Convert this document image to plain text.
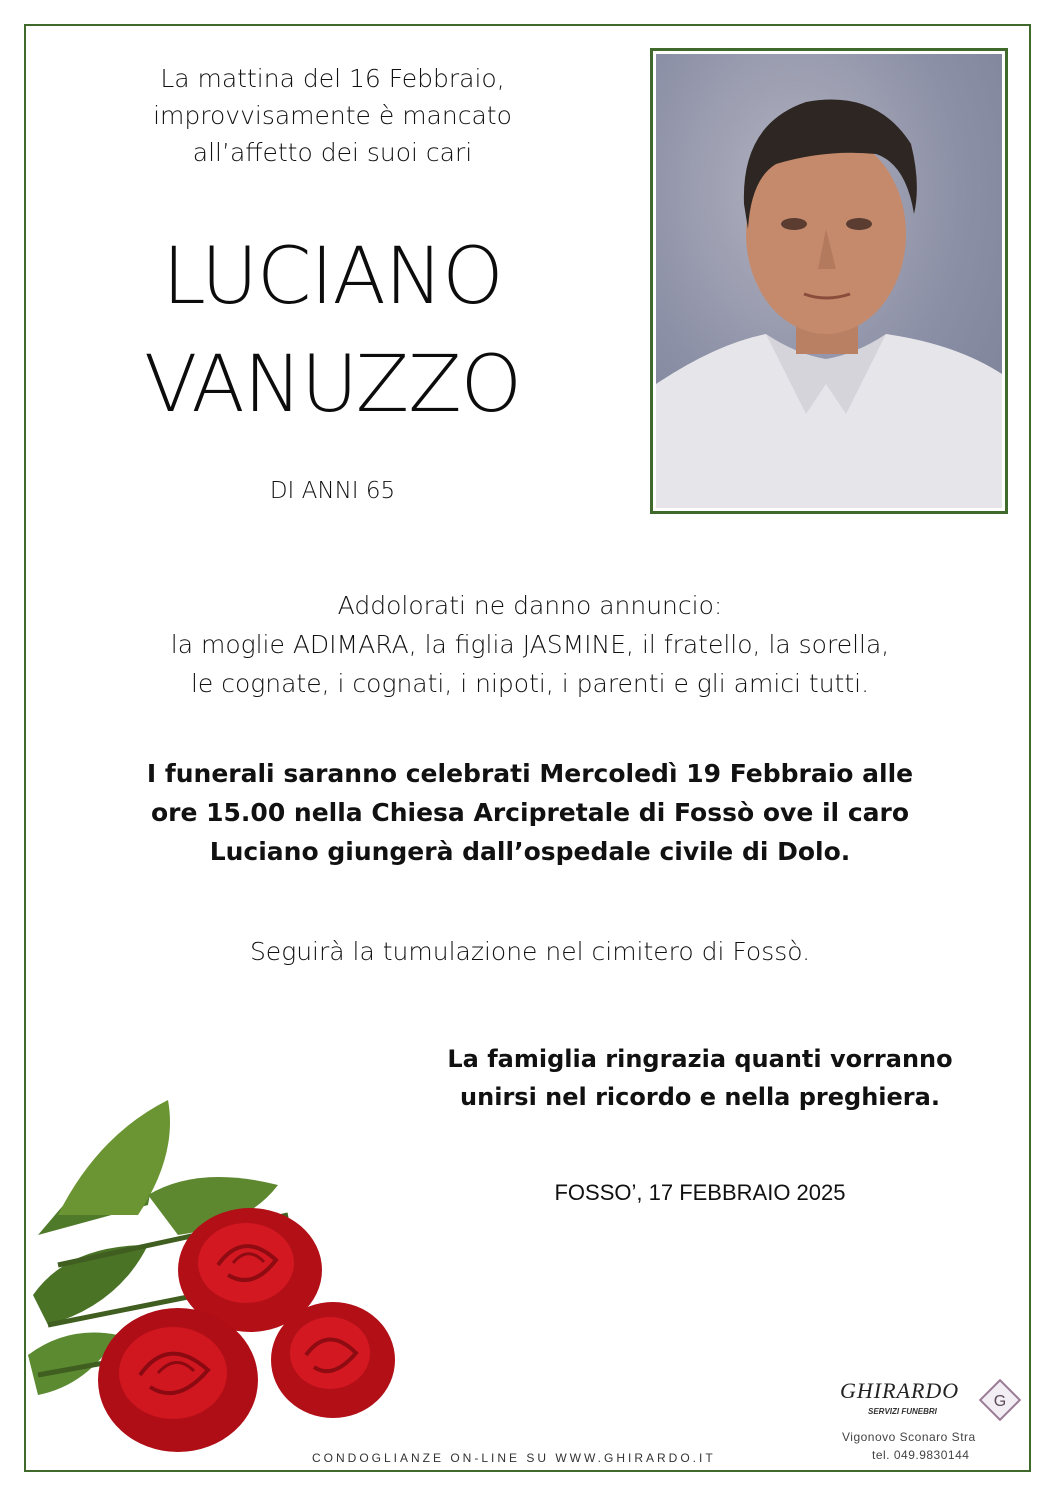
La mattina del 16 Febbraio,
improvvisamente è mancato
all’affetto dei suoi cari
LUCIANO
VANUZZO
DI ANNI 65
Addolorati ne danno annuncio:
la moglie ADIMARA, la figlia JASMINE, il fratello, la sorella,
le cognate, i cognati, i nipoti, i parenti e gli amici tutti.
I funerali saranno celebrati Mercoledì 19 Febbraio alle
ore 15.00 nella Chiesa Arcipretale di Fossò ove il caro
Luciano giungerà dall’ospedale civile di Dolo.
Seguirà la tumulazione nel cimitero di Fossò.
La famiglia ringrazia quanti vorranno
unirsi nel ricordo e nella preghiera.
FOSSO’, 17 FEBBRAIO 2025
CONDOGLIANZE ON-LINE SU WWW.GHIRARDO.IT
GHIRARDO
SERVIZI FUNEBRI
G
Vigonovo Sconaro Stra
tel. 049.9830144
